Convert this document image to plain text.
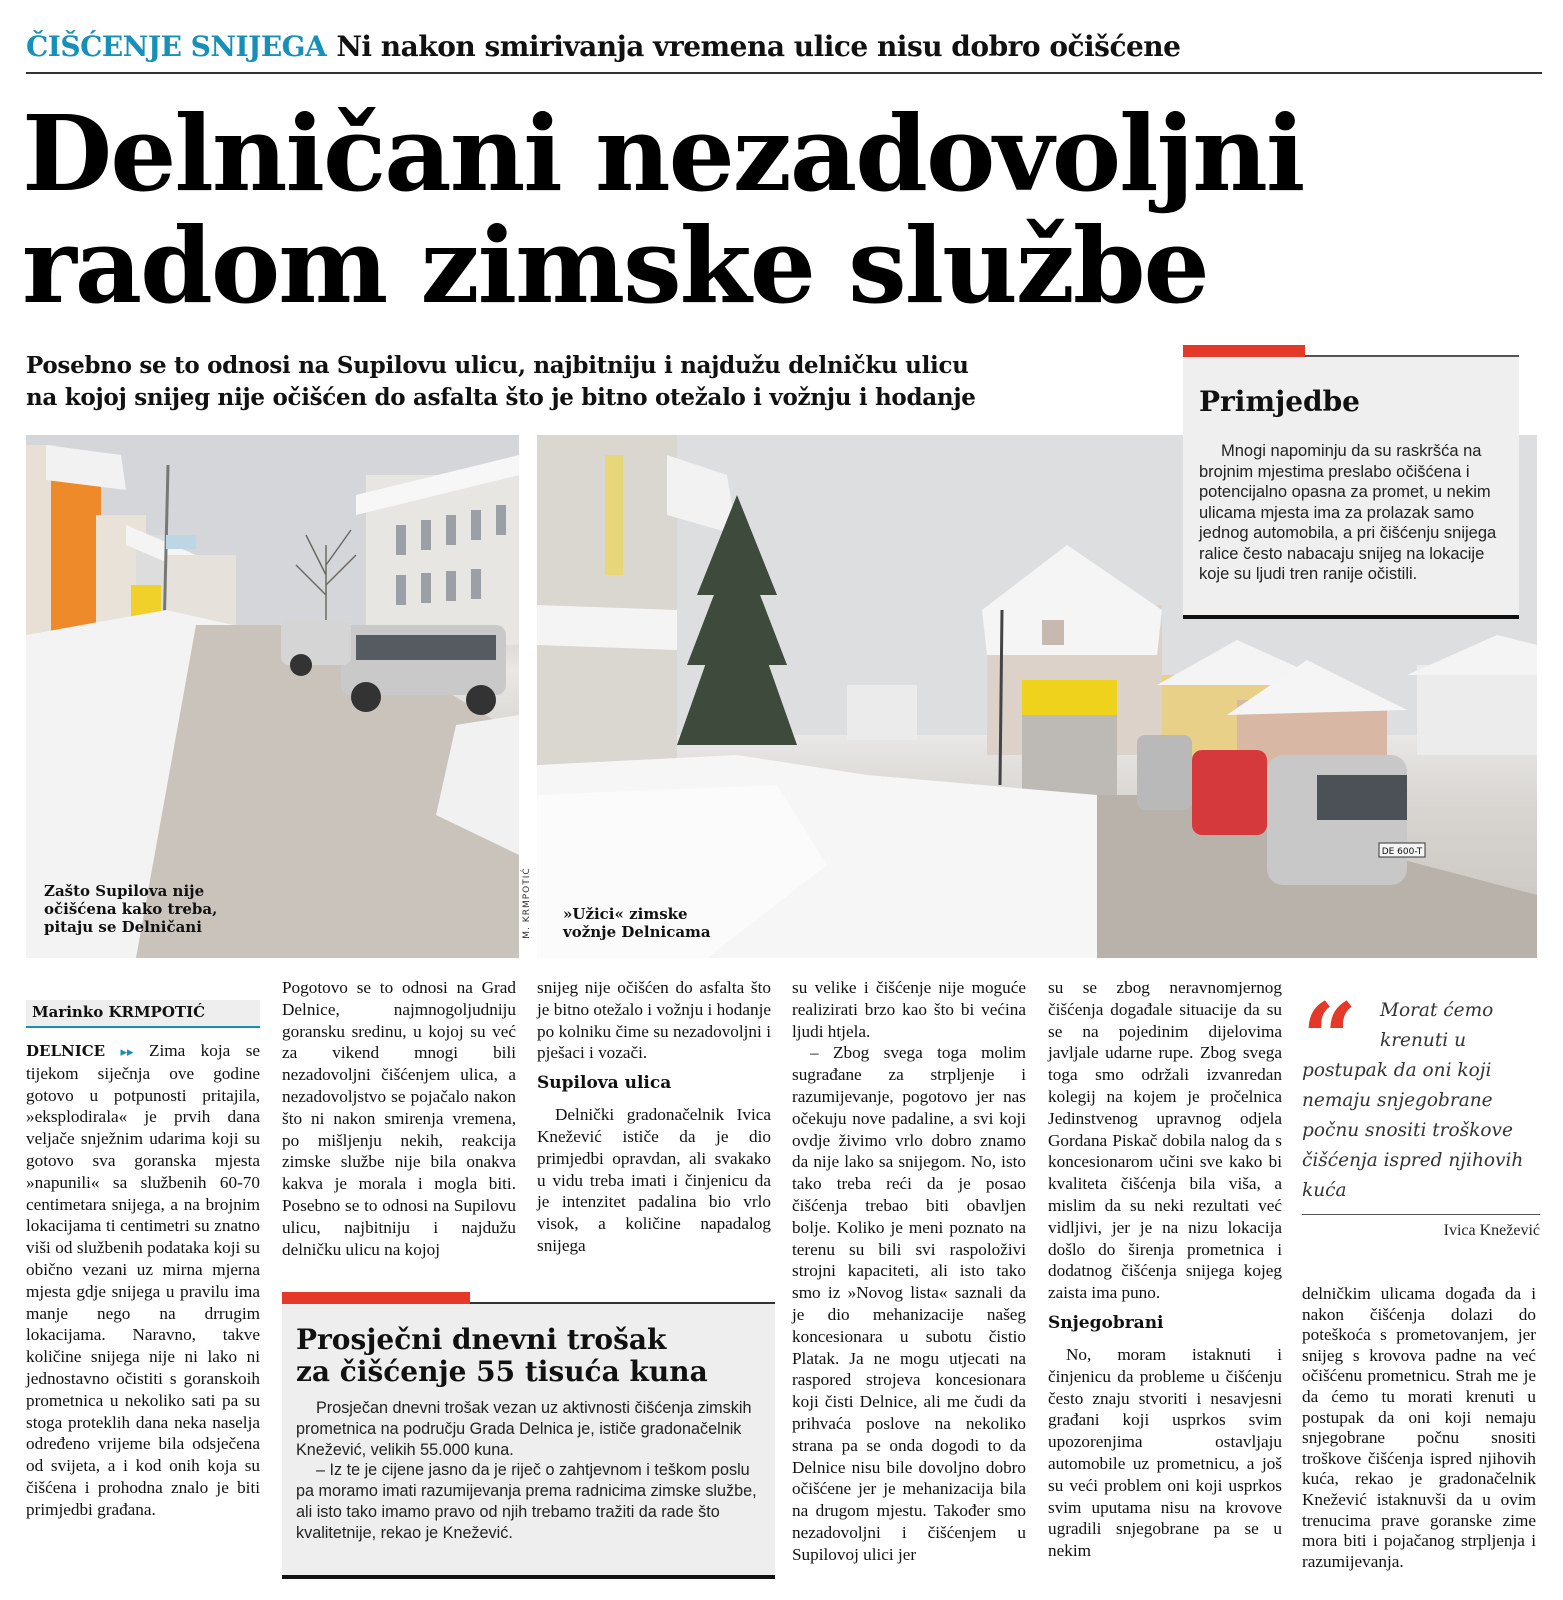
ČIŠĆENJE SNIJEGA Ni nakon smirivanja vremena ulice nisu dobro očišćene
Delničani nezadovoljni
radom zimske službe
Posebno se to odnosi na Supilovu ulicu, najbitniju i najdužu delničku ulicu
na kojoj snijeg nije očišćen do asfalta što je bitno otežalo i vožnju i hodanje
Zašto Supilova nije
očišćena kako treba,
pitaju se Delničani	M. KRMPOTIĆ
DE 600-T
»Užici« zimske
vožnje Delnicama
Primjedbe

Mnogi napominju da su raskršća na brojnim mjestima preslabo očišćena i potencijalno opasna za promet, u nekim ulicama mjesta ima za prolazak samo jednog automobila, a pri čišćenju snijega ralice često nabacaju snijeg na lokacije koje su ljudi tren ranije očistili.

Marinko KRMPOTIĆ

DELNICE ▸▸ Zima koja se tijekom siječnja ove godine gotovo u potpunosti pritajila, »eksplodirala« je prvih dana veljače snježnim udarima koji su gotovo sva goranska mjesta »napunili« sa službenih 60-70 centimetara snijega, a na brojnim lokacijama ti centimetri su znatno viši od službenih podataka koji su obično vezani uz mirna mjerna mjesta gdje snijega u pravilu ima manje nego na drrugim lokacijama. Naravno, takve količine snijega nije ni lako ni jednostavno očistiti s goranskoih prometnica u nekoliko sati pa su stoga proteklih dana neka naselja određeno vrijeme bila odsječena od svijeta, a i kod onih koja su čišćena i prohodna znalo je biti primjedbi građana.

Pogotovo se to odnosi na Grad Delnice, najmnogoljudniju goransku sredinu, u kojoj su već za vikend mnogi bili nezadovoljni čišćenjem ulica, a nezadovoljstvo se pojačalo nakon što ni nakon smirenja vremena, po mišljenju nekih, reakcija zimske službe nije bila onakva kakva je morala i mogla biti. Posebno se to odnosi na Supilovu ulicu, najbitniju i najdužu delničku ulicu na kojoj

snijeg nije očišćen do asfalta što je bitno otežalo i vožnju i hodanje po kolniku čime su nezadovoljni i pješaci i vozači.

Supilova ulica

Delnički gradonačelnik Ivica Knežević ističe da je dio primjedbi opravdan, ali svakako u vidu treba imati i činjenicu da je intenzitet padalina bio vrlo visok, a količine napadalog snijega

Prosječni dnevni trošak
za čišćenje 55 tisuća kuna

Prosječan dnevni trošak vezan uz aktivnosti čišćenja zimskih prometnica na području Grada Delnica je, ističe gradonačelnik Knežević, velikih 55.000 kuna.

– Iz te je cijene jasno da je riječ o zahtjevnom i teškom poslu pa moramo imati razumijevanja prema radnicima zimske službe, ali isto tako imamo pravo od njih trebamo tražiti da rade što kvalitetnije, rekao je Knežević.

su velike i čišćenje nije moguće realizirati brzo kao što bi većina ljudi htjela.

– Zbog svega toga molim sugrađane za strpljenje i razumijevanje, pogotovo jer nas očekuju nove padaline, a svi koji ovdje živimo vrlo dobro znamo da nije lako sa snijegom. No, isto tako treba reći da je posao čišćenja trebao biti obavljen bolje. Koliko je meni poznato na terenu su bili svi raspoloživi strojni kapaciteti, ali isto tako smo iz »Novog lista« saznali da je dio mehanizacije našeg koncesionara u subotu čistio Platak. Ja ne mogu utjecati na raspored strojeva koncesionara koji čisti Delnice, ali me čudi da prihvaća poslove na nekoliko strana pa se onda dogodi to da Delnice nisu bile dovoljno dobro očišćene jer je mehanizacija bila na drugom mjestu. Također smo nezadovoljni i čišćenjem u Supilovoj ulici jer

su se zbog neravnomjernog čišćenja događale situacije da su se na pojedinim dijelovima javljale udarne rupe. Zbog svega toga smo održali izvanredan kolegij na kojem je pročelnica Jedinstvenog upravnog odjela Gordana Piskač dobila nalog da s koncesionarom učini sve kako bi kvaliteta čišćenja bila viša, a mislim da su neki rezultati već vidljivi, jer je na nizu lokacija došlo do širenja prometnica i dodatnog čišćenja snijega kojeg zaista ima puno.

Snjegobrani

No, moram istaknuti i činjenicu da probleme u čišćenju često znaju stvoriti i nesavjesni građani koji usprkos svim upozorenjima ostavljaju automobile uz prometnicu, a još su veći problem oni koji usprkos svim uputama nisu na krovove ugradili snjegobrane pa se u nekim

“	Morat ćemo krenuti u postupak da oni koji nemaju snjegobrane počnu snositi troškove čišćenja ispred njihovih kuća
Ivica Knežević

delničkim ulicama događa da i nakon čišćenja dolazi do poteškoća s prometovanjem, jer snijeg s krovova padne na već očišćenu prometnicu. Strah me je da ćemo tu morati krenuti u postupak da oni koji nemaju snjegobrane počnu snositi troškove čišćenja ispred njihovih kuća, rekao je gradonačelnik Knežević istaknuvši da u ovim trenucima prave goranske zime mora biti i pojačanog strpljenja i razumijevanja.
